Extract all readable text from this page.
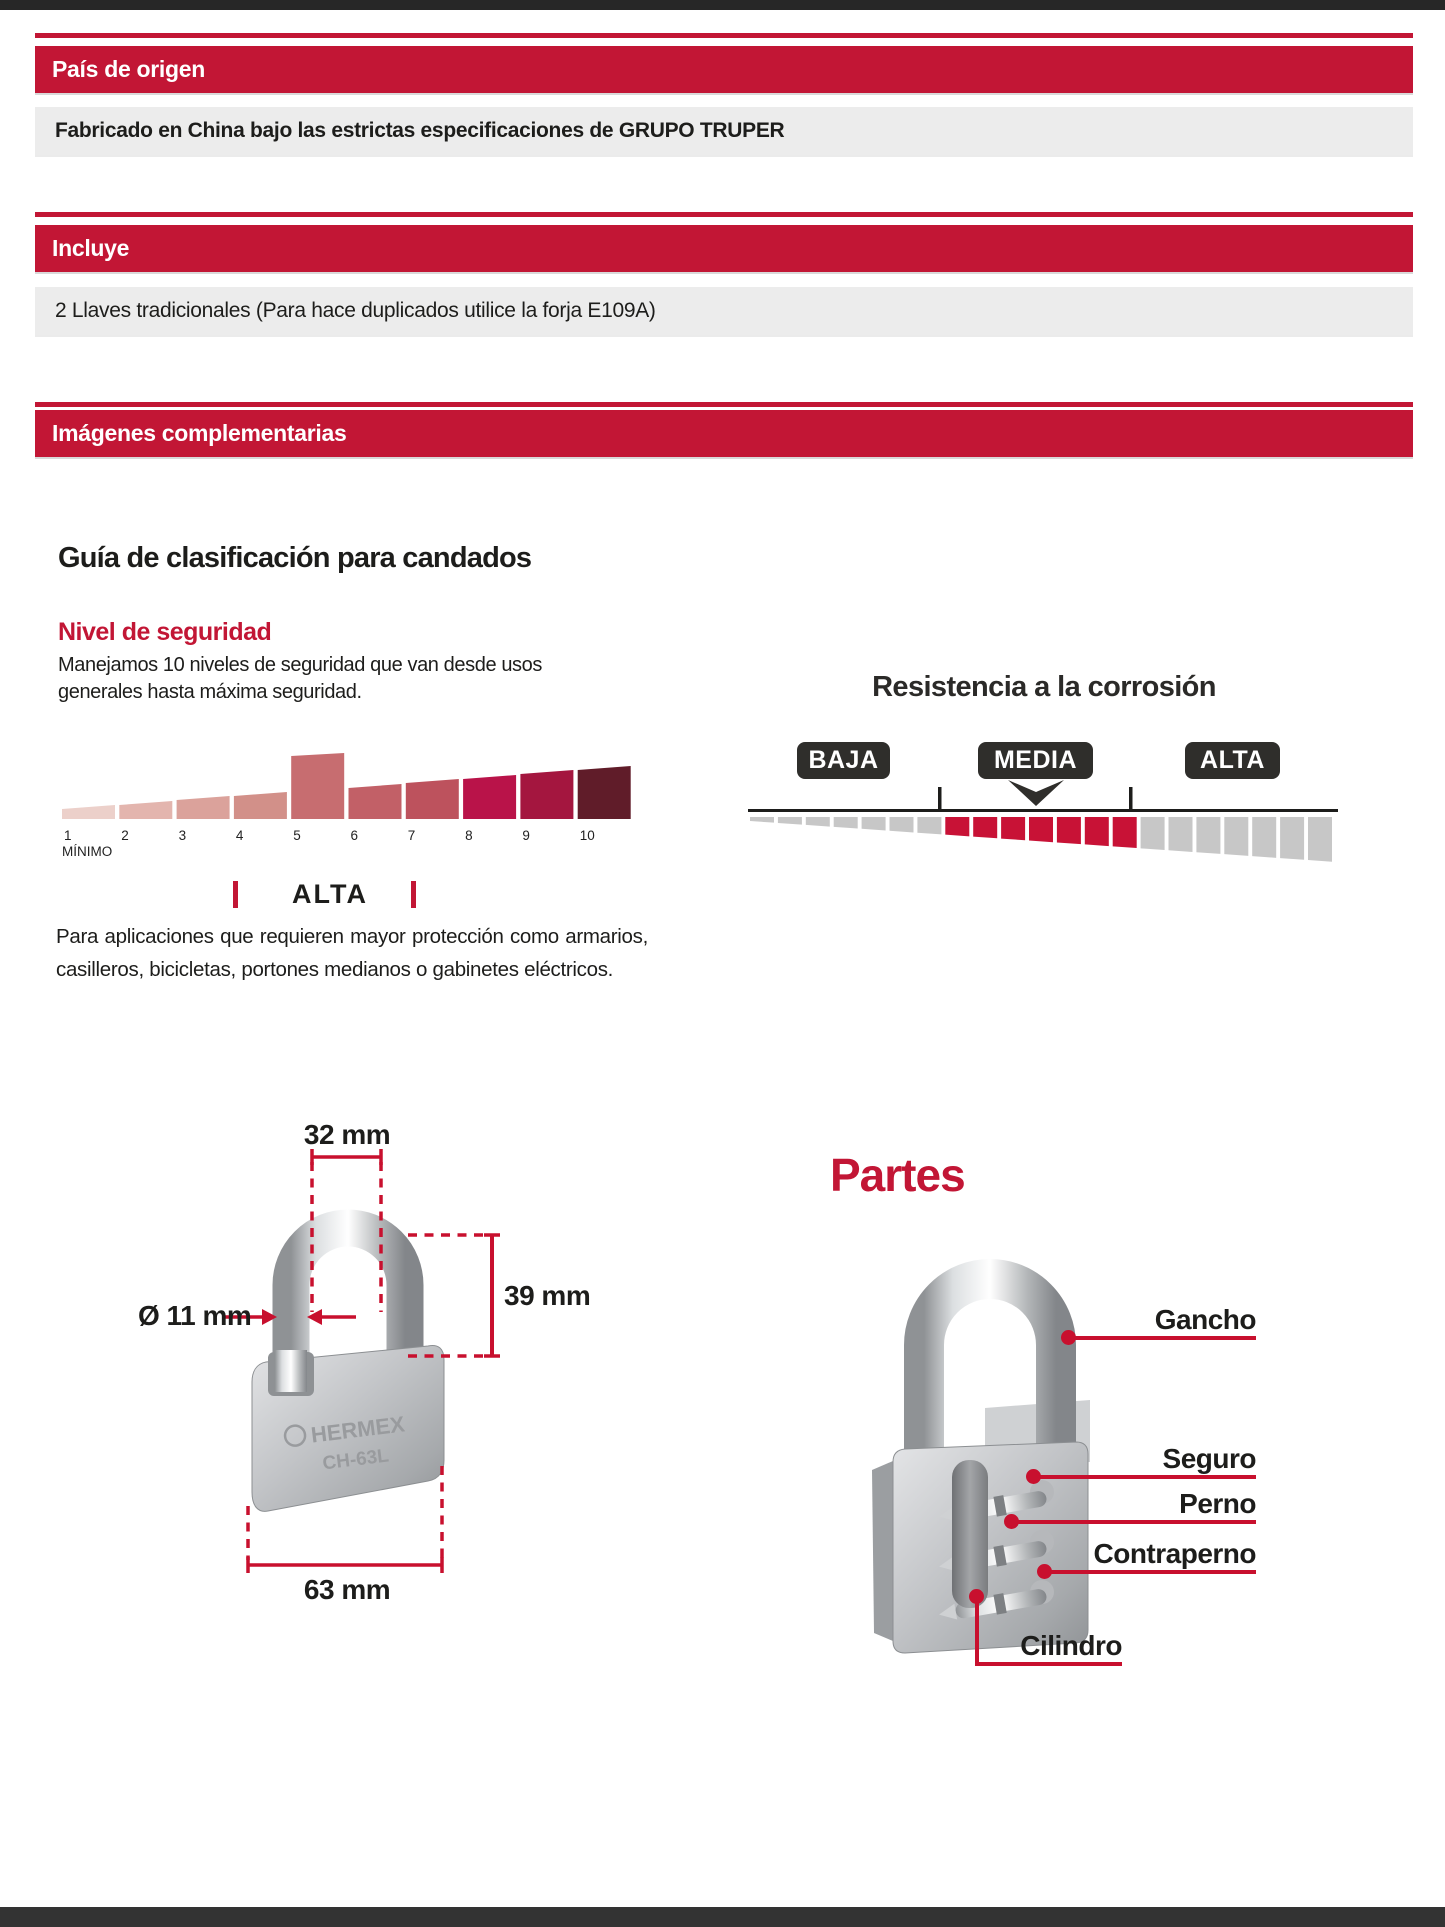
País de origen
Fabricado en China bajo las estrictas especificaciones de GRUPO TRUPER
Incluye
2 Llaves tradicionales (Para hace duplicados utilice la forja E109A)
Imágenes complementarias
Guía de clasificación para candados
Nivel de seguridad
Manejamos 10 niveles de seguridad que van desde usos generales hasta máxima seguridad.
1	2	3	4	5	6	7	8	9	10
MÍNIMO
ALTA
Para aplicaciones que requieren mayor protección como armarios, casilleros, bicicletas, portones medianos o gabinetes eléctricos.
Resistencia a la corrosión
BAJA	MEDIA	ALTA
HERMEX
CH-63L
32 mm
Ø 11 mm
39 mm
63 mm
Partes
Gancho
Seguro
Perno
Contraperno
Cilindro
